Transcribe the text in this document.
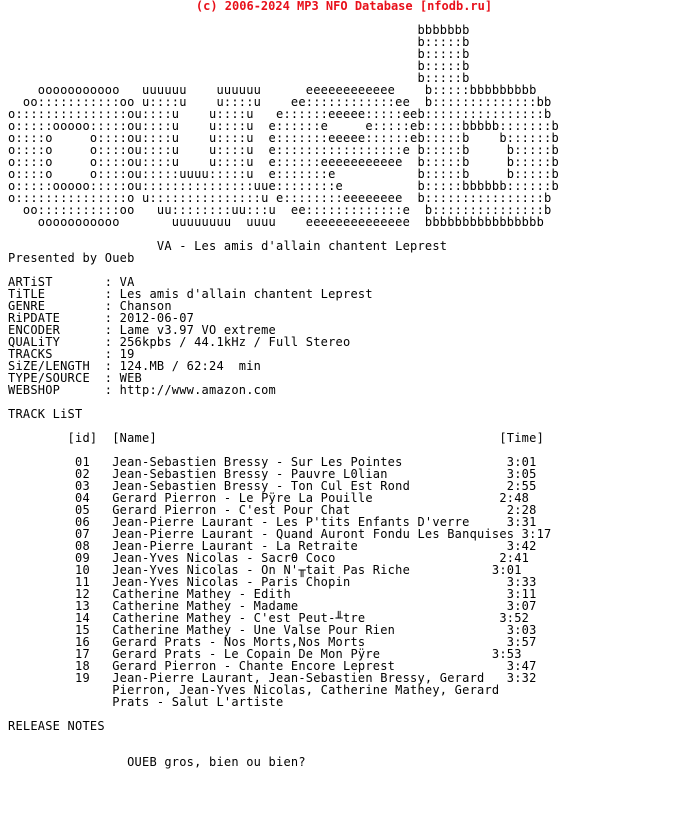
(c) 2006-2024 MP3 NFO Database [nfodb.ru]
bbbbbbb
b:::::b
b:::::b
b:::::b
b:::::b
ooooooooooo   uuuuuu    uuuuuu      eeeeeeeeeeee    b:::::bbbbbbbbb
oo:::::::::::oo u::::u    u::::u    ee::::::::::::ee  b::::::::::::::bb
o:::::::::::::::ou::::u    u::::u   e::::::eeeee:::::eeb::::::::::::::::b
o:::::ooooo:::::ou::::u    u::::u  e::::::e     e:::::eb:::::bbbbb:::::::b
o::::o     o::::ou::::u    u::::u  e:::::::eeeee::::::eb:::::b    b::::::b
o::::o     o::::ou::::u    u::::u  e:::::::::::::::::e b:::::b     b:::::b
o::::o     o::::ou::::u    u::::u  e::::::eeeeeeeeeee  b:::::b     b:::::b
o::::o     o::::ou:::::uuuu:::::u  e:::::::e           b:::::b     b:::::b
o:::::ooooo:::::ou:::::::::::::::uue::::::::e          b:::::bbbbbb::::::b
o:::::::::::::::o u:::::::::::::::u e::::::::eeeeeeee  b::::::::::::::::b
oo:::::::::::oo   uu::::::::uu:::u  ee:::::::::::::e  b:::::::::::::::b
ooooooooooo       uuuuuuuu  uuuu    eeeeeeeeeeeeee  bbbbbbbbbbbbbbbb

VA - Les amis d'allain chantent Leprest
Presented by Oueb

ARTiST       : VA
TiTLE        : Les amis d'allain chantent Leprest
GENRE        : Chanson
RiPDATE      : 2012-06-07
ENCODER      : Lame v3.97 VO extreme
QUALiTY      : 256kpbs / 44.1kHz / Full Stereo
TRACKS       : 19
SiZE/LENGTH  : 124.MB / 62:24  min
TYPE/SOURCE  : WEB
WEBSHOP      : http://www.amazon.com

TRACK LiST

[id]  [Name]                                              [Time]

01   Jean-Sebastien Bressy - Sur Les Pointes              3:01
02   Jean-Sebastien Bressy - Pauvre L0lian                3:05
03   Jean-Sebastien Bressy - Ton Cul Est Rond             2:55
04   Gerard Pierron - Le Pÿre La Pouille                 2:48
05   Gerard Pierron - C'est Pour Chat                     2:28
06   Jean-Pierre Laurant - Les P'tits Enfants D'verre     3:31
07   Jean-Pierre Laurant - Quand Auront Fondu Les Banquises 3:17
08   Jean-Pierre Laurant - La Retraite                    3:42
09   Jean-Yves Nicolas - Sacrθ Coco                      2:41
10   Jean-Yves Nicolas - On N'╥tait Pas Riche           3:01
11   Jean-Yves Nicolas - Paris Chopin                     3:33
12   Catherine Mathey - Edith                             3:11
13   Catherine Mathey - Madame                            3:07
14   Catherine Mathey - C'est Peut-╨tre                  3:52
15   Catherine Mathey - Une Valse Pour Rien               3:03
16   Gerard Prats - Nos Morts,Nos Morts                   3:57
17   Gerard Prats - Le Copain De Mon Pÿre               3:53
18   Gerard Pierron - Chante Encore Leprest               3:47
19   Jean-Pierre Laurant, Jean-Sebastien Bressy, Gerard   3:32
Pierron, Jean-Yves Nicolas, Catherine Mathey, Gerard
Prats - Salut L'artiste

RELEASE NOTES

OUEB gros, bien ou bien?
